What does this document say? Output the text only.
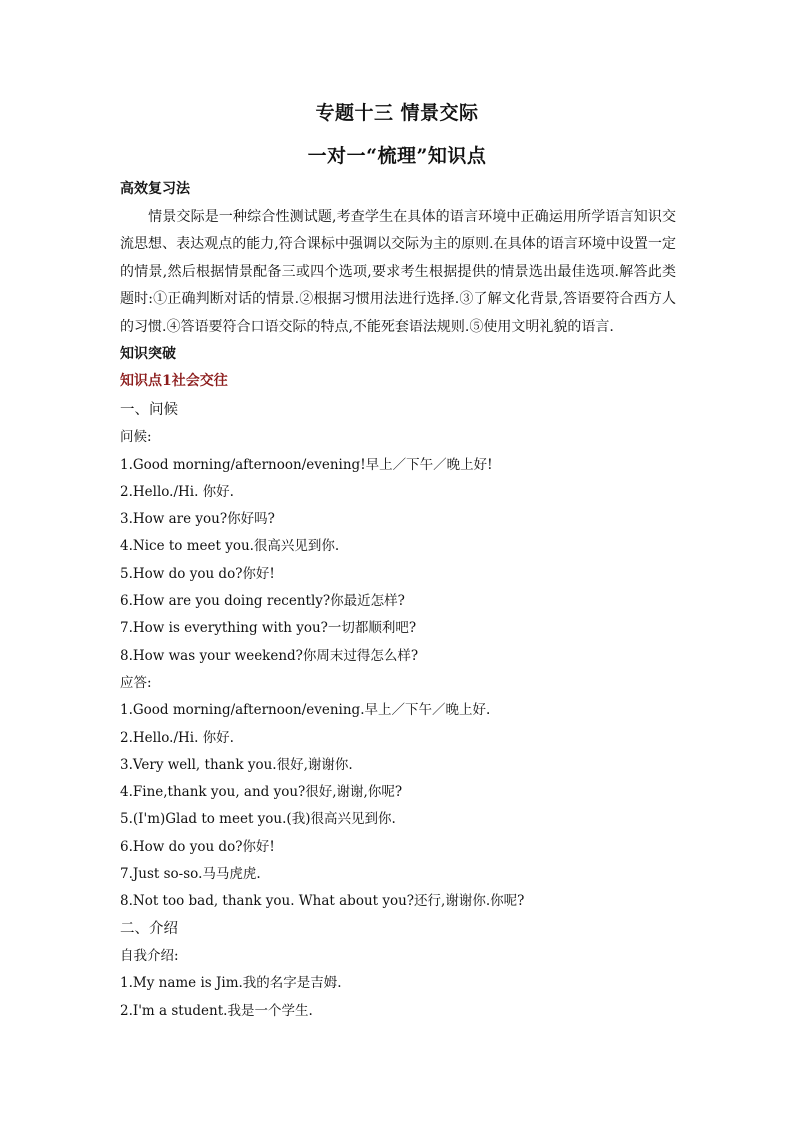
专题十三 情景交际
一对一“梳理”知识点
高效复习法
情景交际是一种综合性测试题,考查学生在具体的语言环境中正确运用所学语言知识交流思想、表达观点的能力,符合课标中强调以交际为主的原则.在具体的语言环境中设置一定的情景,然后根据情景配备三或四个选项,要求考生根据提供的情景选出最佳选项.解答此类题时:①正确判断对话的情景.②根据习惯用法进行选择.③了解文化背景,答语要符合西方人的习惯.④答语要符合口语交际的特点,不能死套语法规则.⑤使用文明礼貌的语言.
知识突破
知识点1社会交往
一、问候
问候:
1.Good morning/afternoon/evening!早上／下午／晚上好!
2.Hello./Hi. 你好.
3.How are you?你好吗?
4.Nice to meet you.很高兴见到你.
5.How do you do?你好!
6.How are you doing recently?你最近怎样?
7.How is everything with you?一切都顺利吧?
8.How was your weekend?你周末过得怎么样?
应答:
1.Good morning/afternoon/evening.早上／下午／晚上好.
2.Hello./Hi. 你好.
3.Very well, thank you.很好,谢谢你.
4.Fine,thank you, and you?很好,谢谢,你呢?
5.(I'm)Glad to meet you.(我)很高兴见到你.
6.How do you do?你好!
7.Just so-so.马马虎虎.
8.Not too bad, thank you. What about you?还行,谢谢你.你呢?
二、介绍
自我介绍:
1.My name is Jim.我的名字是吉姆.
2.I'm a student.我是一个学生.
